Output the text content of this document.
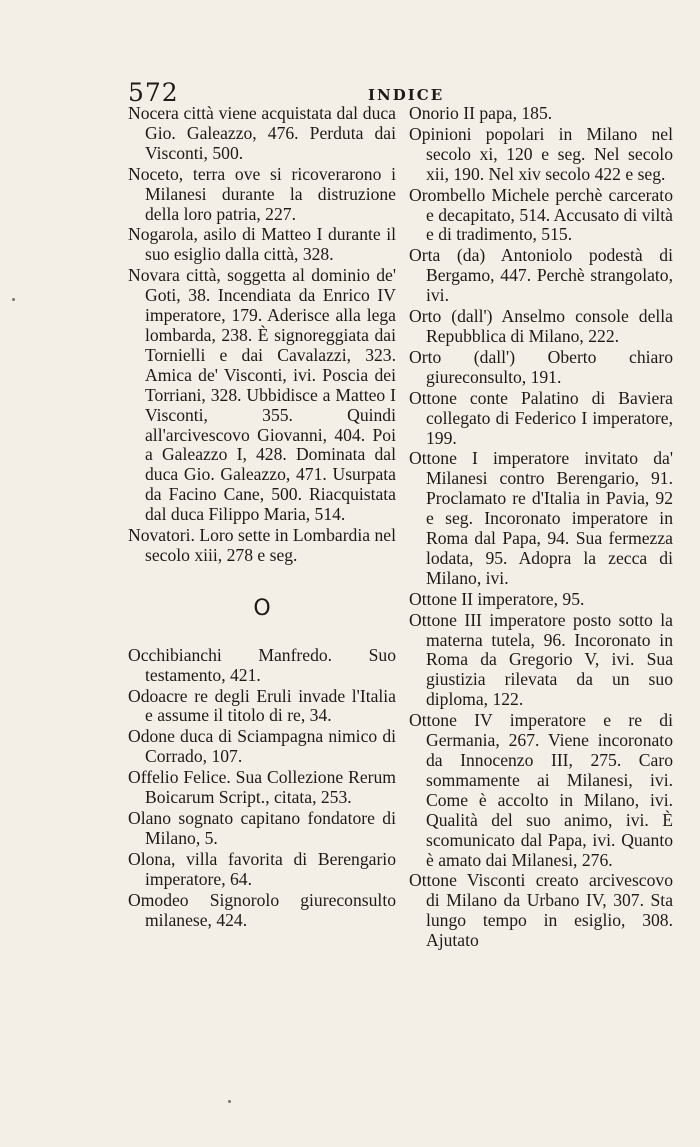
572	INDICE

Nocera città viene acquistata dal duca Gio. Galeazzo, 476. Perduta dai Visconti, 500.

Noceto, terra ove si ricoverarono i Milanesi durante la distruzione della loro patria, 227.

Nogarola, asilo di Matteo I durante il suo esiglio dalla città, 328.

Novara città, soggetta al dominio de' Goti, 38. Incendiata da Enrico IV imperatore, 179. Aderisce alla lega lombarda, 238. È signoreggiata dai Tornielli e dai Cavalazzi, 323. Amica de' Visconti, ivi. Poscia dei Torriani, 328. Ubbidisce a Matteo I Visconti, 355. Quindi all'arcivescovo Giovanni, 404. Poi a Galeazzo I, 428. Dominata dal duca Gio. Galeazzo, 471. Usurpata da Facino Cane, 500. Riacquistata dal duca Filippo Maria, 514.

Novatori. Loro sette in Lombardia nel secolo xiii, 278 e seg.

O

Occhibianchi Manfredo. Suo testamento, 421.

Odoacre re degli Eruli invade l'Italia e assume il titolo di re, 34.

Odone duca di Sciampagna nimico di Corrado, 107.

Offelio Felice. Sua Collezione Rerum Boicarum Script., citata, 253.

Olano sognato capitano fondatore di Milano, 5.

Olona, villa favorita di Berengario imperatore, 64.

Omodeo Signorolo giureconsulto milanese, 424.

Onorio II papa, 185.

Opinioni popolari in Milano nel secolo xi, 120 e seg. Nel secolo xii, 190. Nel xiv secolo 422 e seg.

Orombello Michele perchè carcerato e decapitato, 514. Accusato di viltà e di tradimento, 515.

Orta (da) Antoniolo podestà di Bergamo, 447. Perchè strangolato, ivi.

Orto (dall') Anselmo console della Repubblica di Milano, 222.

Orto (dall') Oberto chiaro giureconsulto, 191.

Ottone conte Palatino di Baviera collegato di Federico I imperatore, 199.

Ottone I imperatore invitato da' Milanesi contro Berengario, 91. Proclamato re d'Italia in Pavia, 92 e seg. Incoronato imperatore in Roma dal Papa, 94. Sua fermezza lodata, 95. Adopra la zecca di Milano, ivi.

Ottone II imperatore, 95.

Ottone III imperatore posto sotto la materna tutela, 96. Incoronato in Roma da Gregorio V, ivi. Sua giustizia rilevata da un suo diploma, 122.

Ottone IV imperatore e re di Germania, 267. Viene incoronato da Innocenzo III, 275. Caro sommamente ai Milanesi, ivi. Come è accolto in Milano, ivi. Qualità del suo animo, ivi. È scomunicato dal Papa, ivi. Quanto è amato dai Milanesi, 276.

Ottone Visconti creato arcivescovo di Milano da Urbano IV, 307. Sta lungo tempo in esiglio, 308. Ajutato
